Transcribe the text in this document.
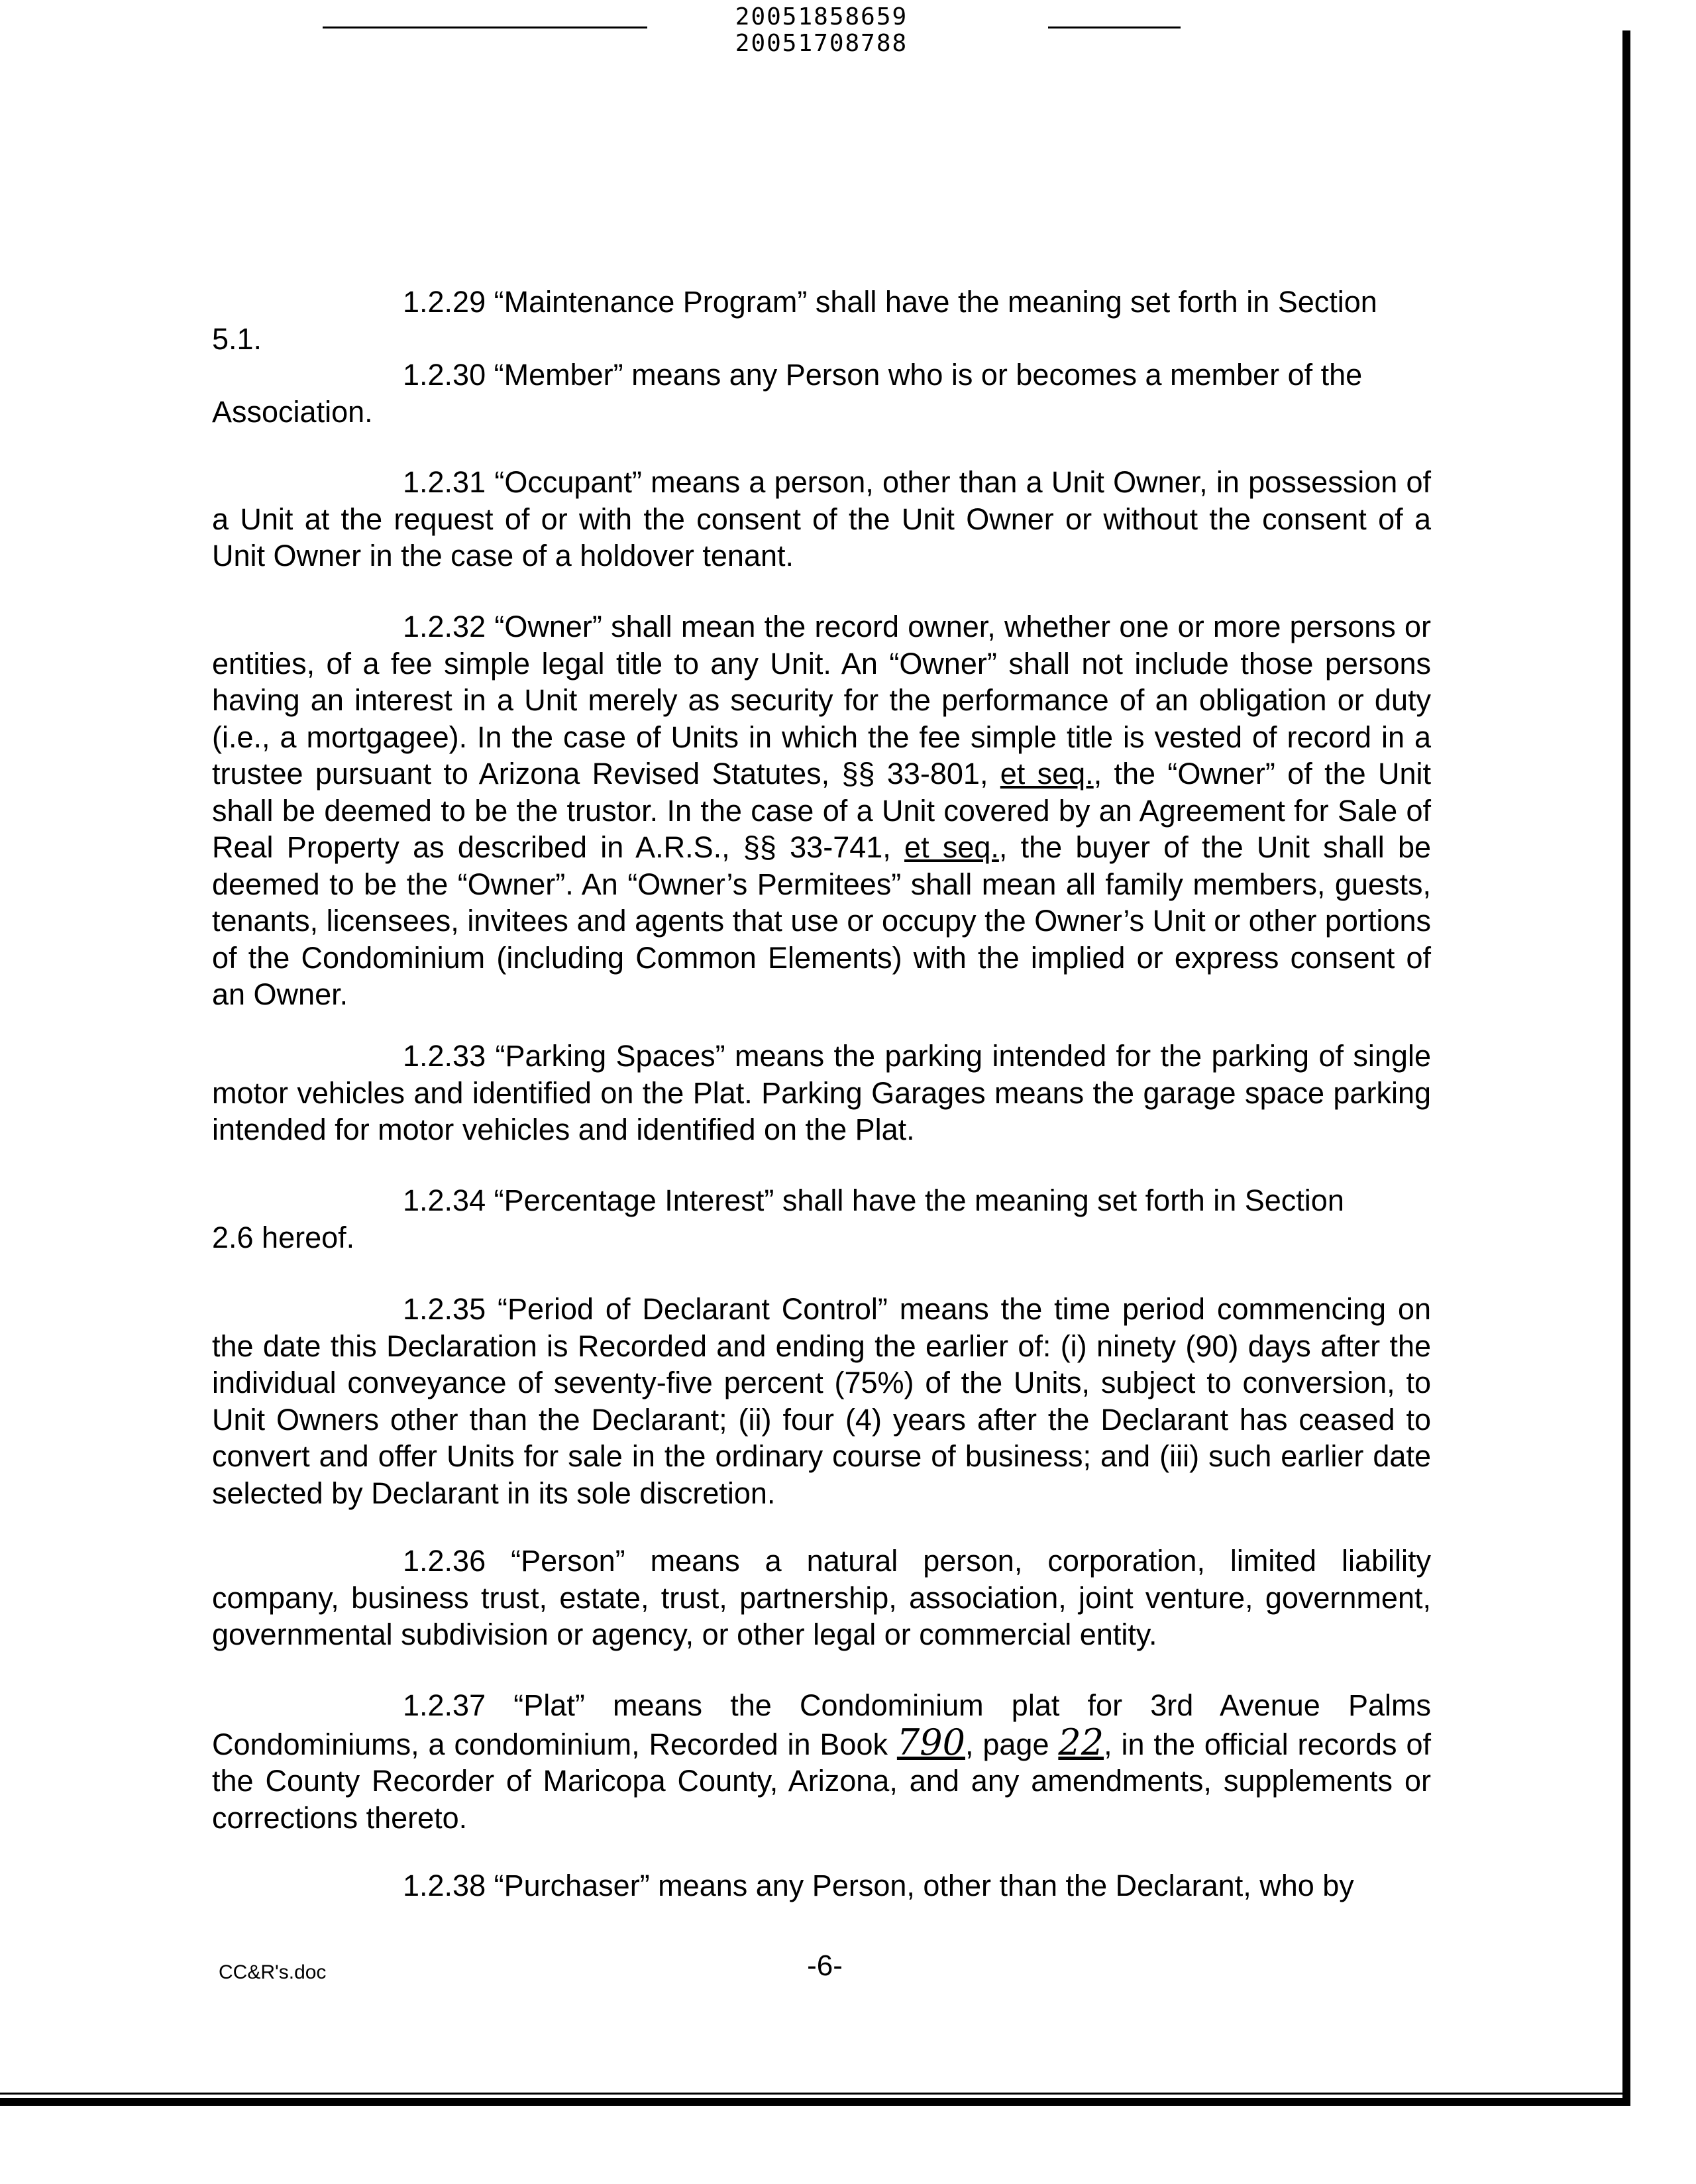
20051858659
20051708788
1.2.29 “Maintenance Program” shall have the meaning set forth in Section
5.1.
1.2.30 “Member” means any Person who is or becomes a member of the
Association.

1.2.31 “Occupant” means a person, other than a Unit Owner, in possession of a Unit at the request of or with the consent of the Unit Owner or without the consent of a Unit Owner in the case of a holdover tenant.

1.2.32 “Owner” shall mean the record owner, whether one or more persons or entities, of a fee simple legal title to any Unit. An “Owner” shall not include those persons having an interest in a Unit merely as security for the performance of an obligation or duty (i.e., a mortgagee). In the case of Units in which the fee simple title is vested of record in a trustee pursuant to Arizona Revised Statutes, §§ 33-801, et seq., the “Owner” of the Unit shall be deemed to be the trustor. In the case of a Unit covered by an Agreement for Sale of Real Property as described in A.R.S., §§ 33-741, et seq., the buyer of the Unit shall be deemed to be the “Owner”. An “Owner’s Permitees” shall mean all family members, guests, tenants, licensees, invitees and agents that use or occupy the Owner’s Unit or other portions of the Condominium (including Common Elements) with the implied or express consent of an Owner.

1.2.33 “Parking Spaces” means the parking intended for the parking of single motor vehicles and identified on the Plat. Parking Garages means the garage space parking intended for motor vehicles and identified on the Plat.

1.2.34 “Percentage Interest” shall have the meaning set forth in Section
2.6 hereof.

1.2.35 “Period of Declarant Control” means the time period commencing on the date this Declaration is Recorded and ending the earlier of: (i) ninety (90) days after the individual conveyance of seventy-five percent (75%) of the Units, subject to conversion, to Unit Owners other than the Declarant; (ii) four (4) years after the Declarant has ceased to convert and offer Units for sale in the ordinary course of business; and (iii) such earlier date selected by Declarant in its sole discretion.

1.2.36 “Person” means a natural person, corporation, limited liability company, business trust, estate, trust, partnership, association, joint venture, government, governmental subdivision or agency, or other legal or commercial entity.

1.2.37 “Plat” means the Condominium plat for 3rd Avenue Palms Condominiums, a condominium, Recorded in Book 790, page 22, in the official records of the County Recorder of Maricopa County, Arizona, and any amendments, supplements or corrections thereto.

1.2.38 “Purchaser” means any Person, other than the Declarant, who by
CC&R's.doc	-6-
